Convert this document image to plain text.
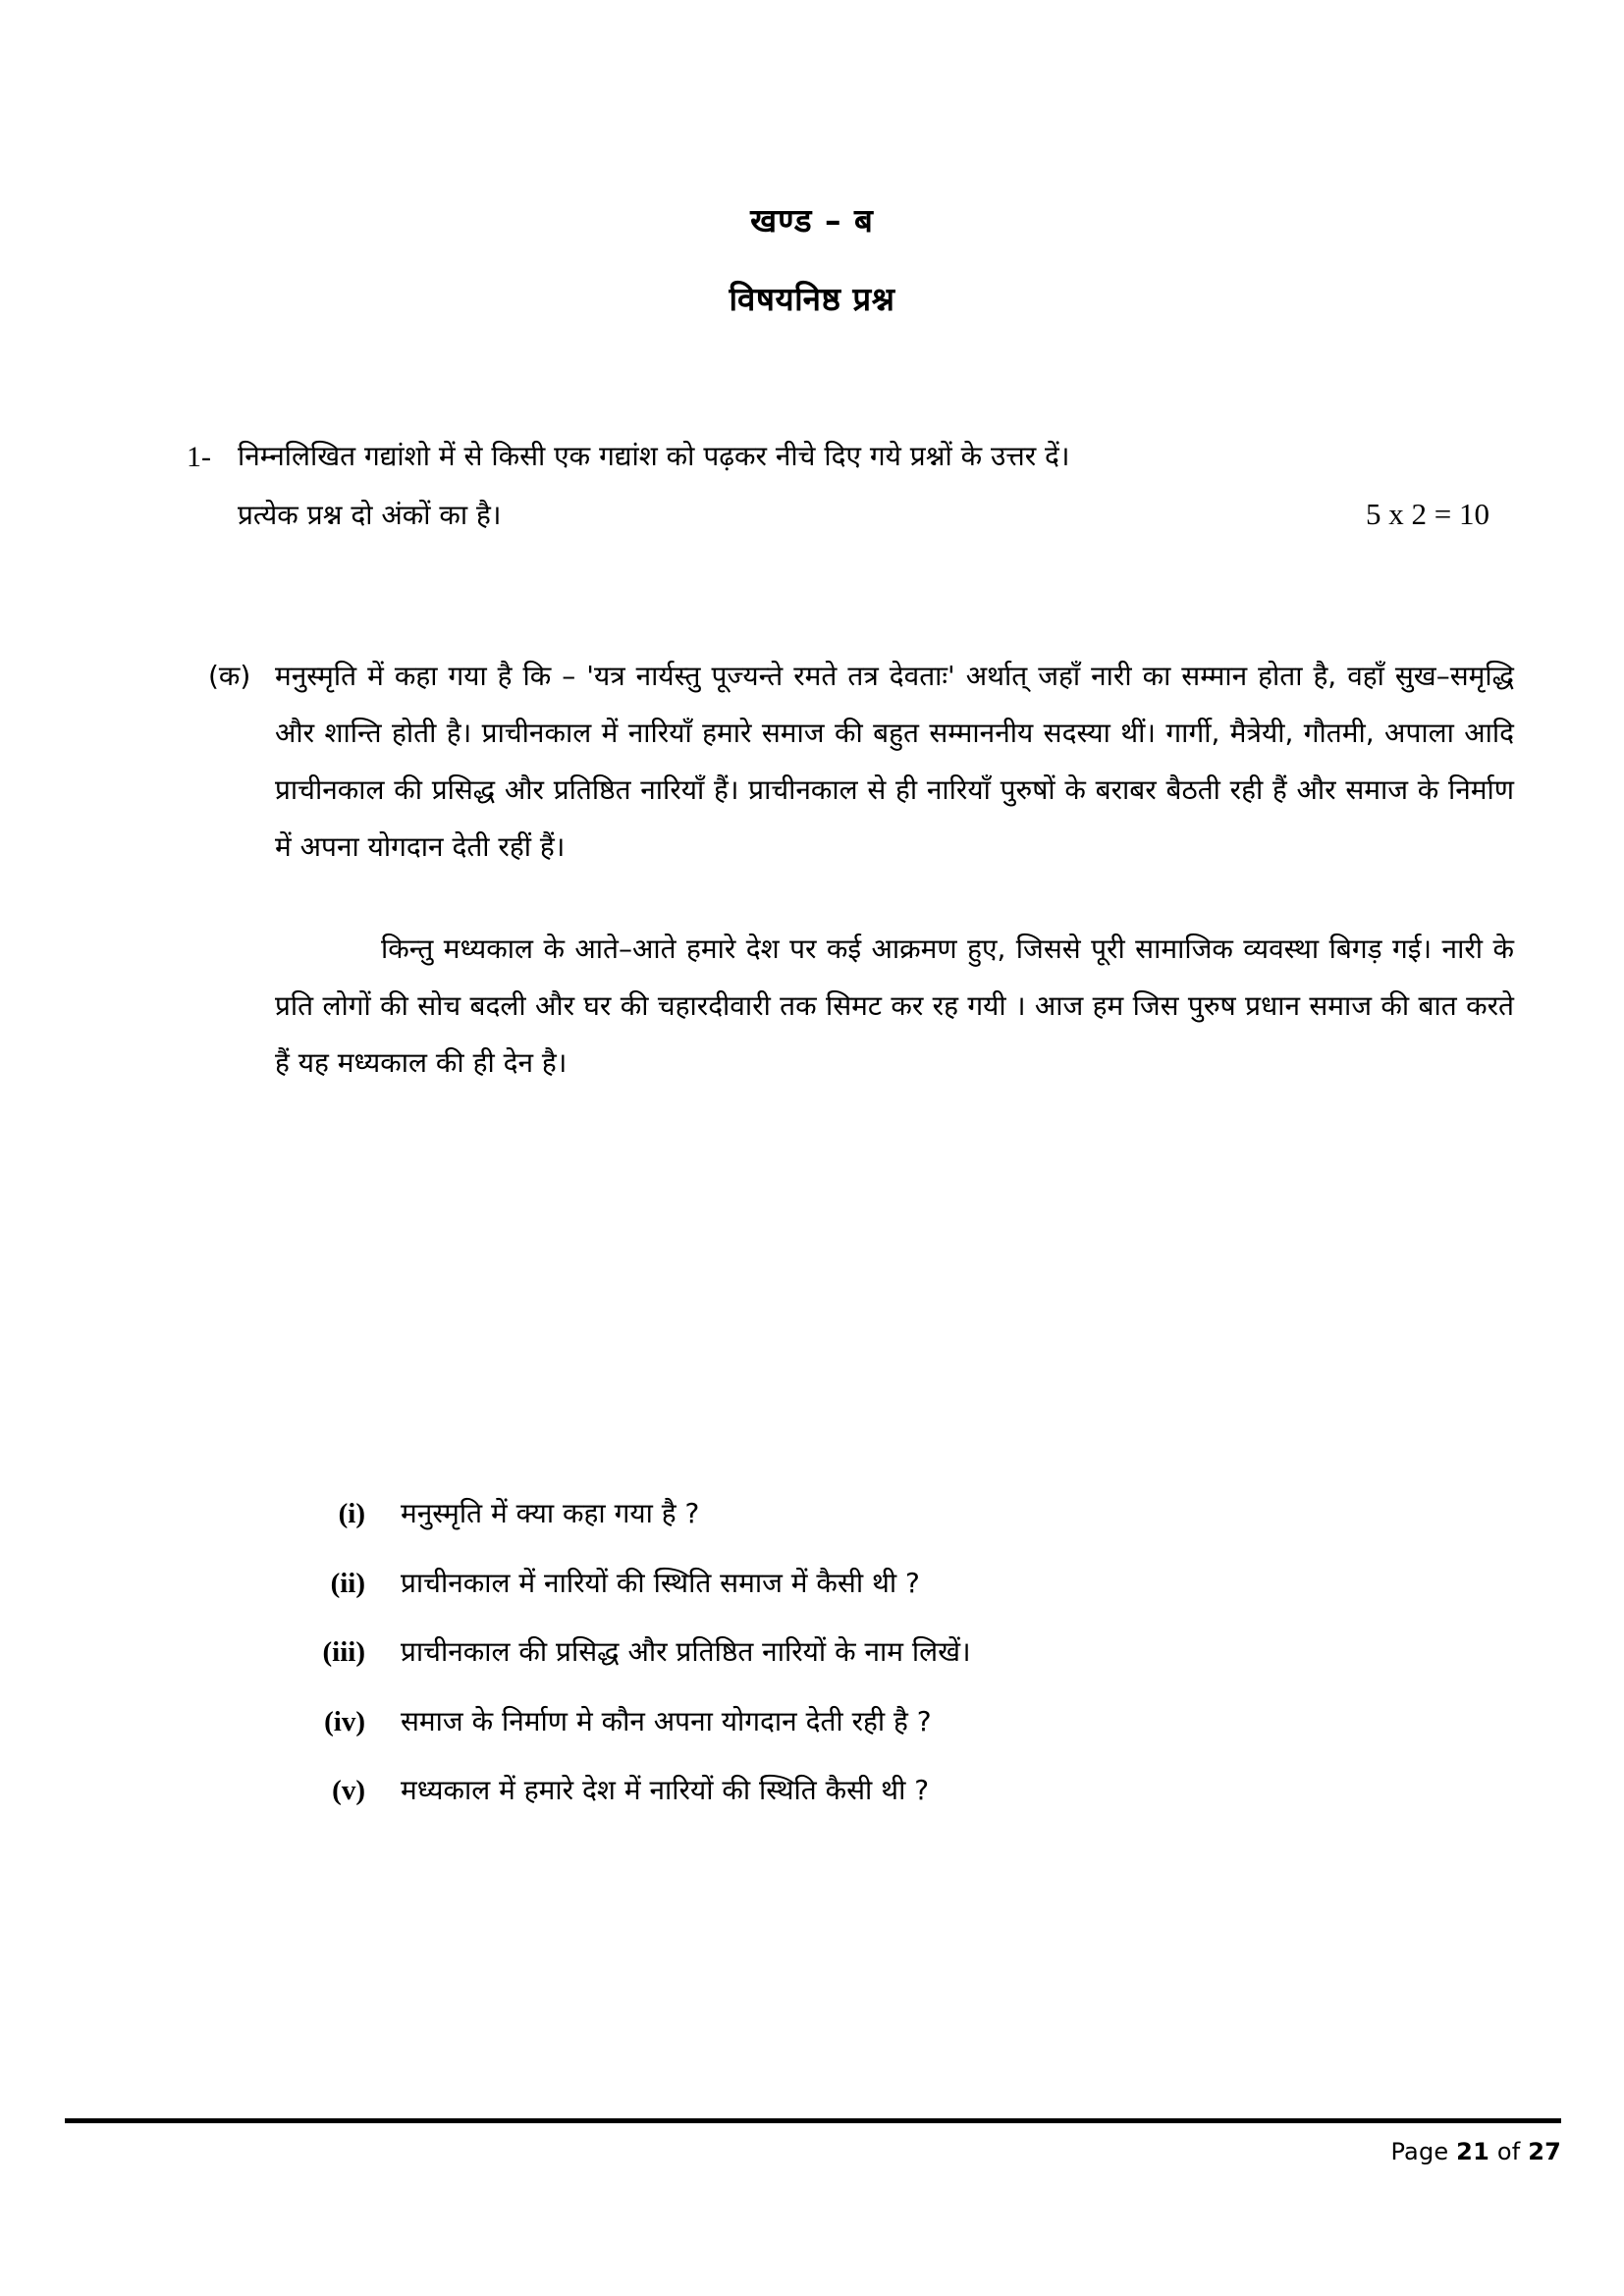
खण्ड – ब
विषयनिष्ठ प्रश्न
1- निम्नलिखित गद्यांशो में से किसी एक गद्यांश को पढ़कर नीचे दिए गये प्रश्नों के उत्तर दें।
प्रत्येक प्रश्न दो अंकों का है।	5 x 2 = 10
(क) मनुस्मृति में कहा गया है कि – 'यत्र नार्यस्तु पूज्यन्ते रमते तत्र देवताः' अर्थात् जहाँ नारी का सम्मान होता है, वहाँ सुख–समृद्धि और शान्ति होती है। प्राचीनकाल में नारियाँ हमारे समाज की बहुत सम्माननीय सदस्या थीं। गार्गी, मैत्रेयी, गौतमी, अपाला आदि प्राचीनकाल की प्रसिद्ध और प्रतिष्ठित नारियाँ हैं। प्राचीनकाल से ही नारियाँ पुरुषों के बराबर बैठती रही हैं और समाज के निर्माण में अपना योगदान देती रहीं हैं।

किन्तु मध्यकाल के आते–आते हमारे देश पर कई आक्रमण हुए, जिससे पूरी सामाजिक व्यवस्था बिगड़ गई। नारी के प्रति लोगों की सोच बदली और घर की चहारदीवारी तक सिमट कर रह गयी । आज हम जिस पुरुष प्रधान समाज की बात करते हैं यह मध्यकाल की ही देन है।

(i)	मनुस्मृति में क्या कहा गया है ?
(ii)	प्राचीनकाल में नारियों की स्थिति समाज में कैसी थी ?
(iii)	प्राचीनकाल की प्रसिद्ध और प्रतिष्ठित नारियों के नाम लिखें।
(iv)	समाज के निर्माण मे कौन अपना योगदान देती रही है ?
(v)	मध्यकाल में हमारे देश में नारियों की स्थिति कैसी थी ?
Page 21 of 27
